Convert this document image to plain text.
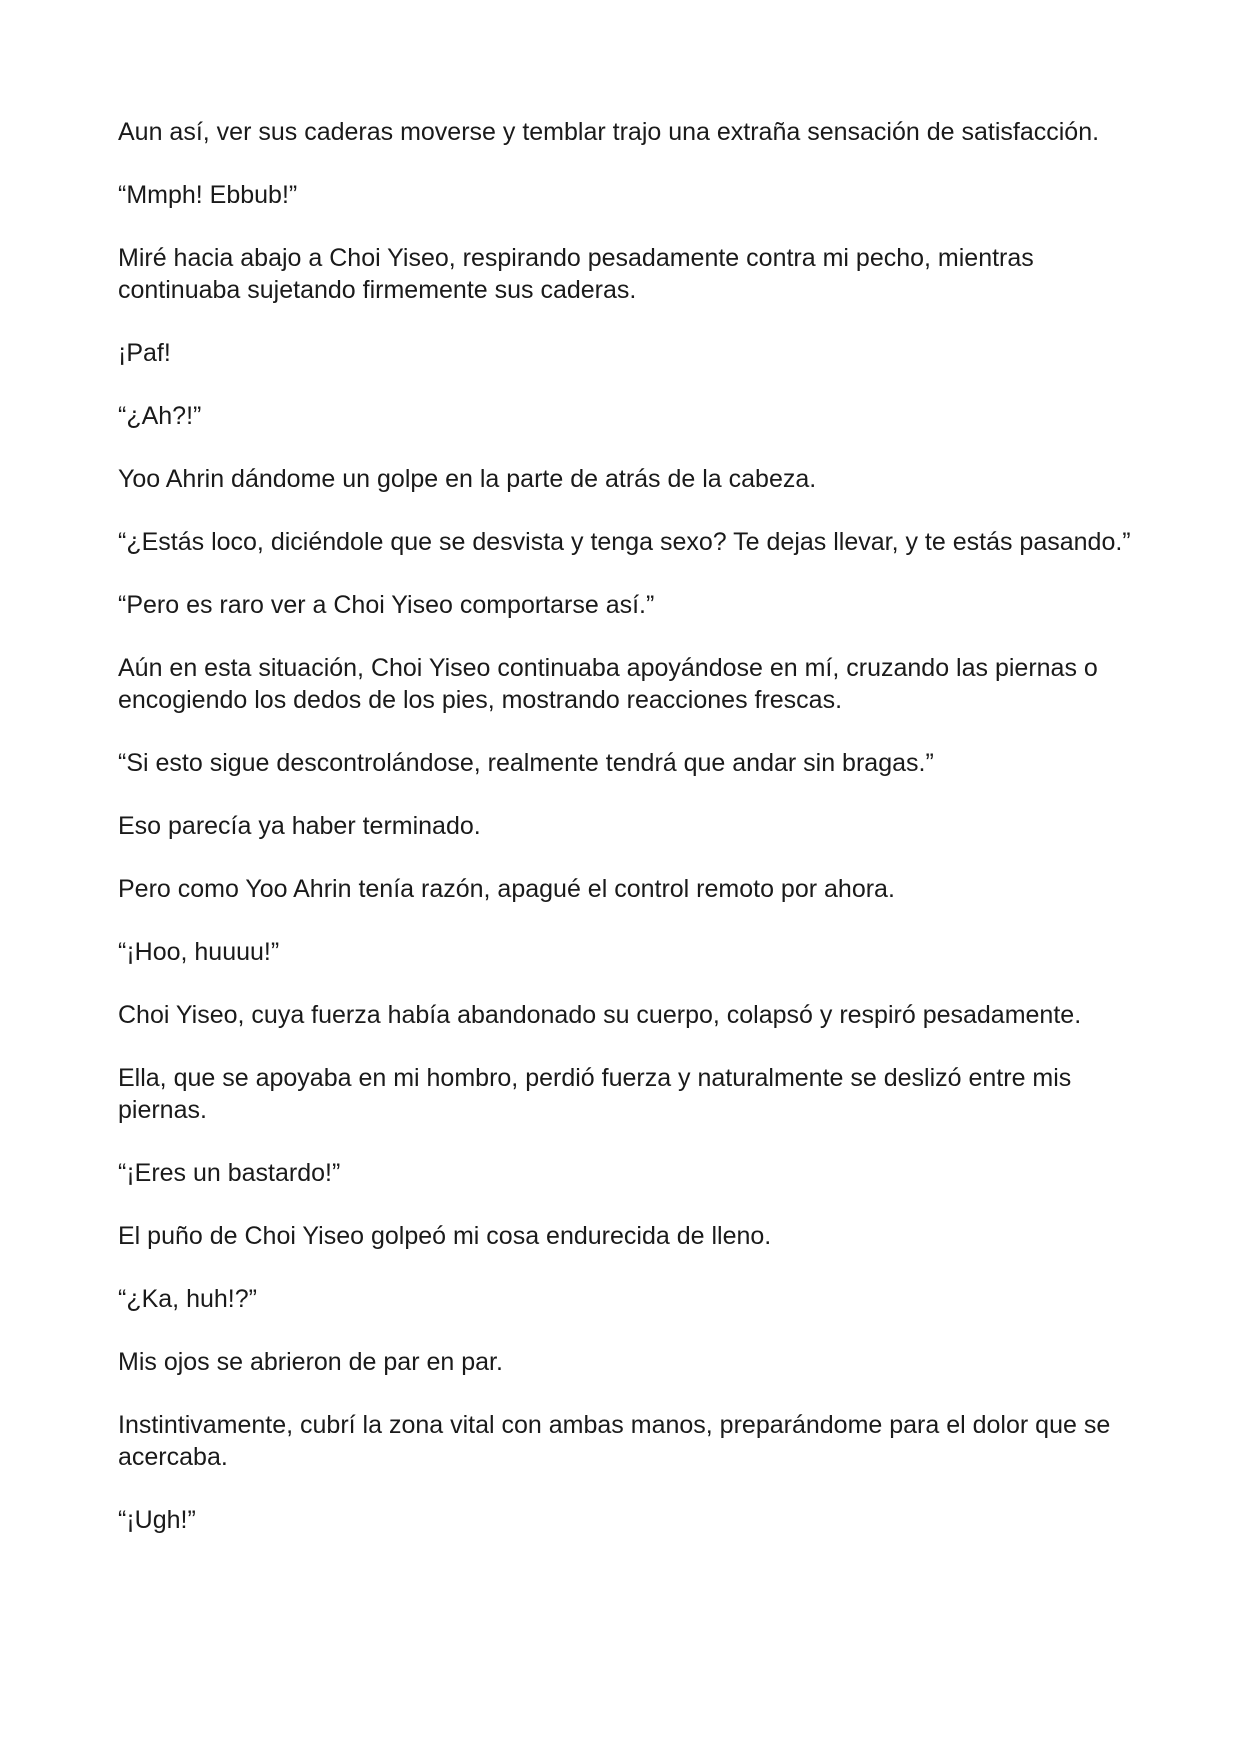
Aun así, ver sus caderas moverse y temblar trajo una extraña sensación de satisfacción.

“Mmph! Ebbub!”

Miré hacia abajo a Choi Yiseo, respirando pesadamente contra mi pecho, mientras continuaba sujetando firmemente sus caderas.

¡Paf!

“¿Ah?!”

Yoo Ahrin dándome un golpe en la parte de atrás de la cabeza.

“¿Estás loco, diciéndole que se desvista y tenga sexo? Te dejas llevar, y te estás pasando.”

“Pero es raro ver a Choi Yiseo comportarse así.”

Aún en esta situación, Choi Yiseo continuaba apoyándose en mí, cruzando las piernas o encogiendo los dedos de los pies, mostrando reacciones frescas.

“Si esto sigue descontrolándose, realmente tendrá que andar sin bragas.”

Eso parecía ya haber terminado.

Pero como Yoo Ahrin tenía razón, apagué el control remoto por ahora.

“¡Hoo, huuuu!”

Choi Yiseo, cuya fuerza había abandonado su cuerpo, colapsó y respiró pesadamente.

Ella, que se apoyaba en mi hombro, perdió fuerza y naturalmente se deslizó entre mis piernas.

“¡Eres un bastardo!”

El puño de Choi Yiseo golpeó mi cosa endurecida de lleno.

“¿Ka, huh!?”

Mis ojos se abrieron de par en par.

Instintivamente, cubrí la zona vital con ambas manos, preparándome para el dolor que se acercaba.

“¡Ugh!”
